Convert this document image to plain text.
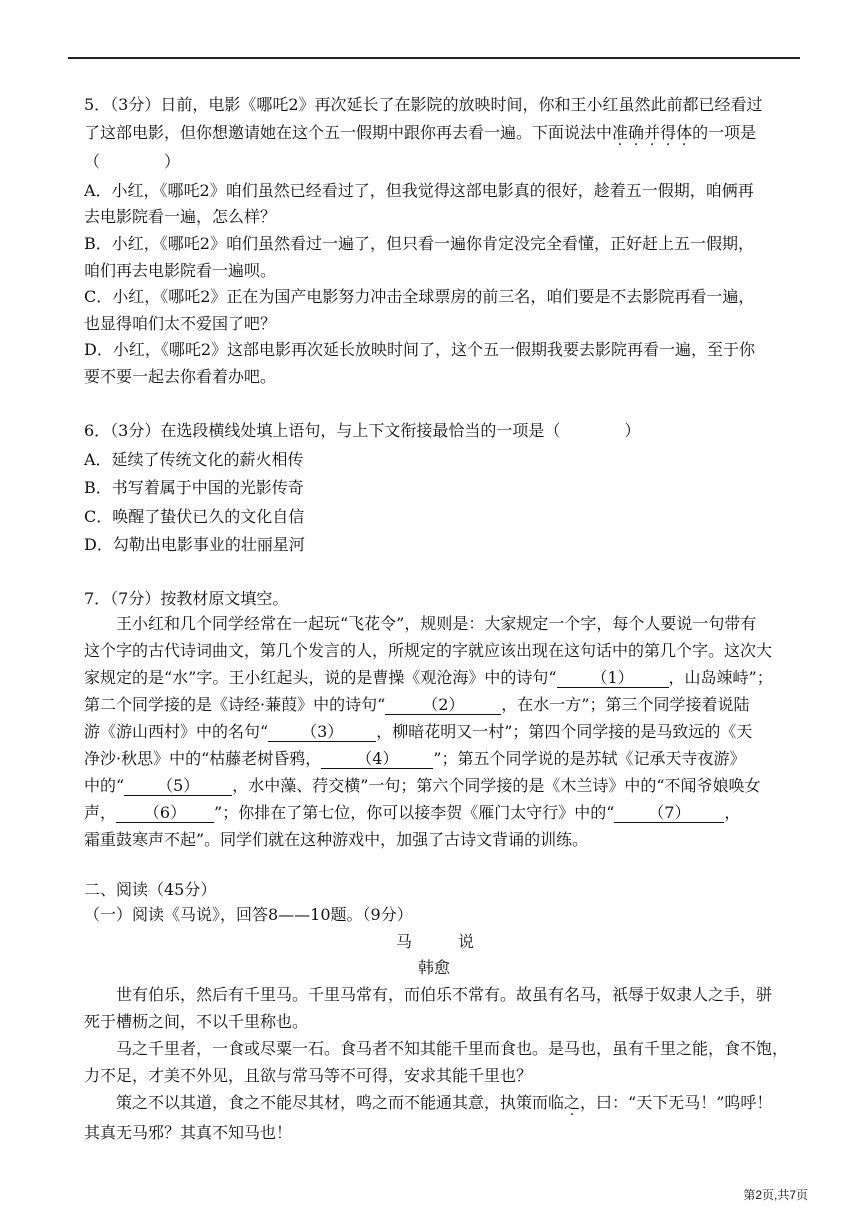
5．（3分）日前，电影《哪吒2》再次延长了在影院的放映时间，你和王小红虽然此前都已经看过
了这部电影，但你想邀请她在这个五一假期中跟你再去看一遍。下面说法中准确并得体的一项是
（　　　　）
A．小红，《哪吒2》咱们虽然已经看过了，但我觉得这部电影真的很好，趁着五一假期，咱俩再
去电影院看一遍，怎么样？
B．小红，《哪吒2》咱们虽然看过一遍了，但只看一遍你肯定没完全看懂，正好赶上五一假期，
咱们再去电影院看一遍呗。
C．小红，《哪吒2》正在为国产电影努力冲击全球票房的前三名，咱们要是不去影院再看一遍，
也显得咱们太不爱国了吧？
D．小红，《哪吒2》这部电影再次延长放映时间了，这个五一假期我要去影院再看一遍，至于你
要不要一起去你看着办吧。
6．（3分）在选段横线处填上语句，与上下文衔接最恰当的一项是（　　　　）
A．延续了传统文化的薪火相传
B．书写着属于中国的光影传奇
C．唤醒了蛰伏已久的文化自信
D．勾勒出电影事业的壮丽星河
7．（7分）按教材原文填空。
王小红和几个同学经常在一起玩“飞花令”，规则是：大家规定一个字，每个人要说一句带有
这个字的古代诗词曲文，第几个发言的人，所规定的字就应该出现在这句话中的第几个字。这次大
家规定的是“水”字。王小红起头，说的是曹操《观沧海》中的诗句“ （1） ，山岛竦峙”；
第二个同学接的是《诗经·蒹葭》中的诗句“ （2） ，在水一方”；第三个同学接着说陆
游《游山西村》中的名句“ （3） ，柳暗花明又一村”；第四个同学接的是马致远的《天
净沙·秋思》中的“枯藤老树昏鸦， （4） ”；第五个同学说的是苏轼《记承天寺夜游》
中的“ （5） ，水中藻、荇交横”一句；第六个同学接的是《木兰诗》中的“不闻爷娘唤女
声， （6） ”；你排在了第七位，你可以接李贺《雁门太守行》中的“ （7） ，
霜重鼓寒声不起”。同学们就在这种游戏中，加强了古诗文背诵的训练。
二、阅读（45分）
（一）阅读《马说》，回答8——10题。（9分）
马	说
韩愈
世有伯乐，然后有千里马。千里马常有，而伯乐不常有。故虽有名马，祇辱于奴隶人之手，骈
死于槽枥之间，不以千里称也。
马之千里者，一食或尽粟一石。食马者不知其能千里而食也。是马也，虽有千里之能，食不饱，
力不足，才美不外见，且欲与常马等不可得，安求其能千里也？
策之不以其道，食之不能尽其材，鸣之而不能通其意，执策而临之，曰：“天下无马！”呜呼！
其真无马邪？其真不知马也！
第2页,共7页
